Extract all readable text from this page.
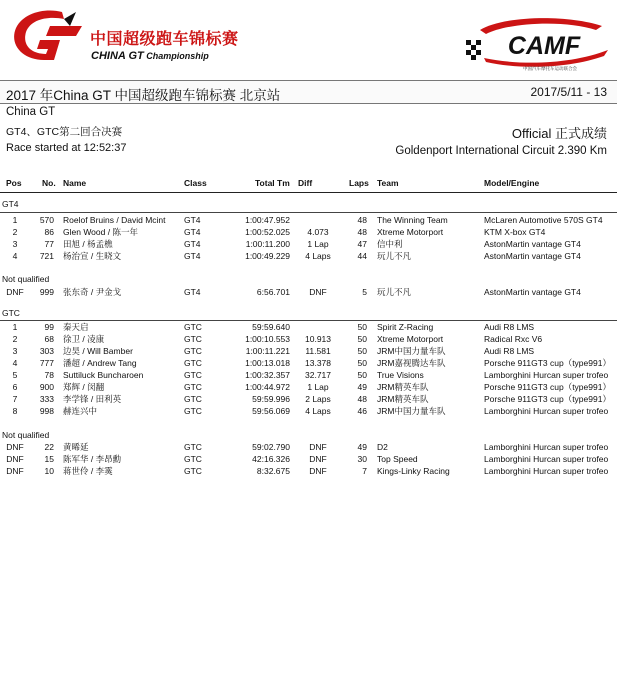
中国超级跑车锦标赛
CHINA GT Championship	CAMF
中国汽车摩托车运动联合会
2017 年China GT 中国超级跑车锦标赛 北京站	2017/5/11 - 13
China GT
GT4、GTC第二回合决赛
Race started at 12:52:37
Official 正式成绩
Goldenport International Circuit 2.390 Km
Pos	No. Name	Class	Total Tm Diff	Laps Team	Model/Engine
GT4
1	570 Roelof Bruins / David Mcint	GT4	1:00:47.952	48 The Winning Team	McLaren Automotive 570S GT4
2	86 Glen Wood / 陈一年	GT4	1:00:52.025	4.073	48 Xtreme Motorport	KTM X-box GT4
3	77 田旭 / 杨孟樵	GT4	1:00:11.200	1 Lap	47 信中利	AstonMartin vantage GT4
4	721 杨治宣 / 生晓文	GT4	1:00:49.229	4 Laps	44 玩儿不凡	AstonMartin vantage GT4
Not qualified
DNF	999 张东奇 / 尹金戈	GT4	6:56.701	DNF	5 玩儿不凡	AstonMartin vantage GT4
GTC
1	99 秦天启	GTC	59:59.640	50 Spirit Z-Racing	Audi R8 LMS
2	68 徐卫 / 凌康	GTC	1:00:10.553	10.913	50 Xtreme Motorport	Radical Rxc V6
3	303 边昊 / Will Bamber	GTC	1:00:11.221	11.581	50 JRM中国力量车队	Audi R8 LMS
4	777 潘超 / Andrew Tang	GTC	1:00:13.018	13.378	50 JRM嘉视腾达车队	Porsche 911GT3 cup（type991）
5	78 Suttiluck Buncharoen	GTC	1:00:32.357	32.717	50 True Visions	Lamborghini Hurcan super trofeo
6	900 郑辉 / 闵翻	GTC	1:00:44.972	1 Lap	49 JRM精英车队	Porsche 911GT3 cup（type991）
7	333 李学锋 / 田利英	GTC	59:59.996	2 Laps	48 JRM精英车队	Porsche 911GT3 cup（type991）
8	998 赫连兴中	GTC	59:56.069	4 Laps	46 JRM中国力量车队	Lamborghini Hurcan super trofeo
Not qualified
DNF	22 黄晞延	GTC	59:02.790	DNF	49 D2	Lamborghini Hurcan super trofeo
DNF	15 陈军华 / 李昂勳	GTC	42:16.326	DNF	30 Top Speed	Lamborghini Hurcan super trofeo
DNF	10 蒋世伶 / 李霙	GTC	8:32.675	DNF	7 Kings-Linky Racing	Lamborghini Hurcan super trofeo
